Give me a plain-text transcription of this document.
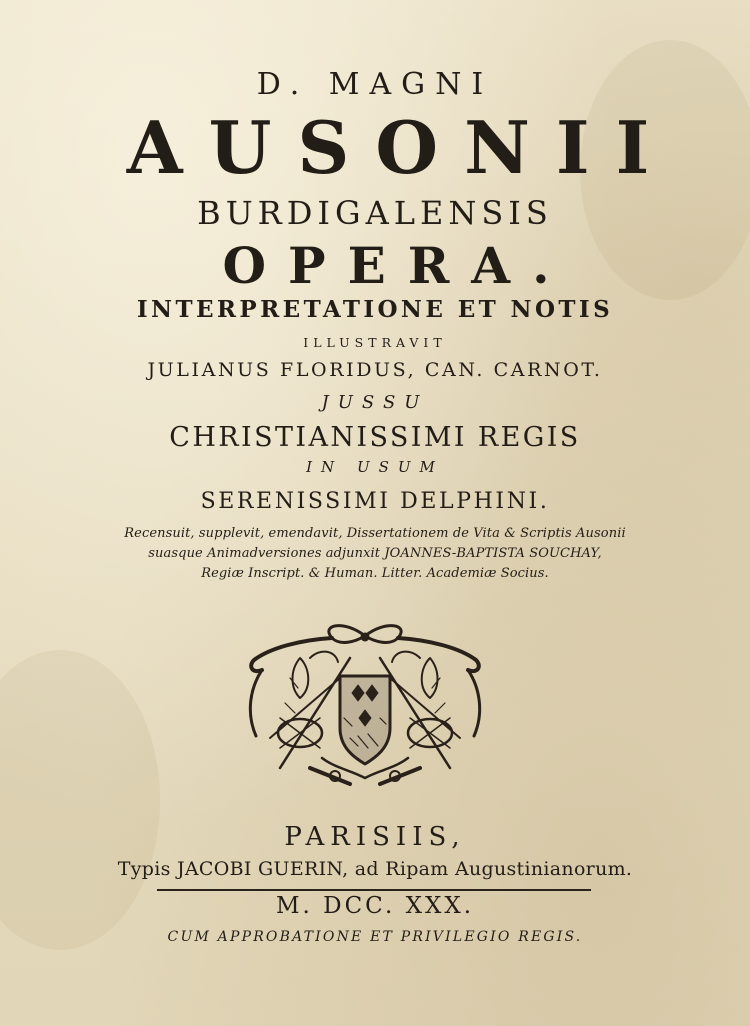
D. MAGNI
AUSONII
BURDIGALENSIS
OPERA.
INTERPRETATIONE ET NOTIS
ILLUSTRAVIT
JULIANUS FLORIDUS, CAN. CARNOT.
JUSSU
CHRISTIANISSIMI REGIS
IN USUM
SERENISSIMI DELPHINI.
Recensuit, supplevit, emendavit, Dissertationem de Vita & Scriptis Ausonii
suasque Animadversiones adjunxit JOANNES-BAPTISTA SOUCHAY,
Regiæ Inscript. & Human. Litter. Academiæ Socius.
PARISIIS,
Typis JACOBI GUERIN, ad Ripam Augustinianorum.
M. DCC. XXX.
CUM APPROBATIONE ET PRIVILEGIO REGIS.
